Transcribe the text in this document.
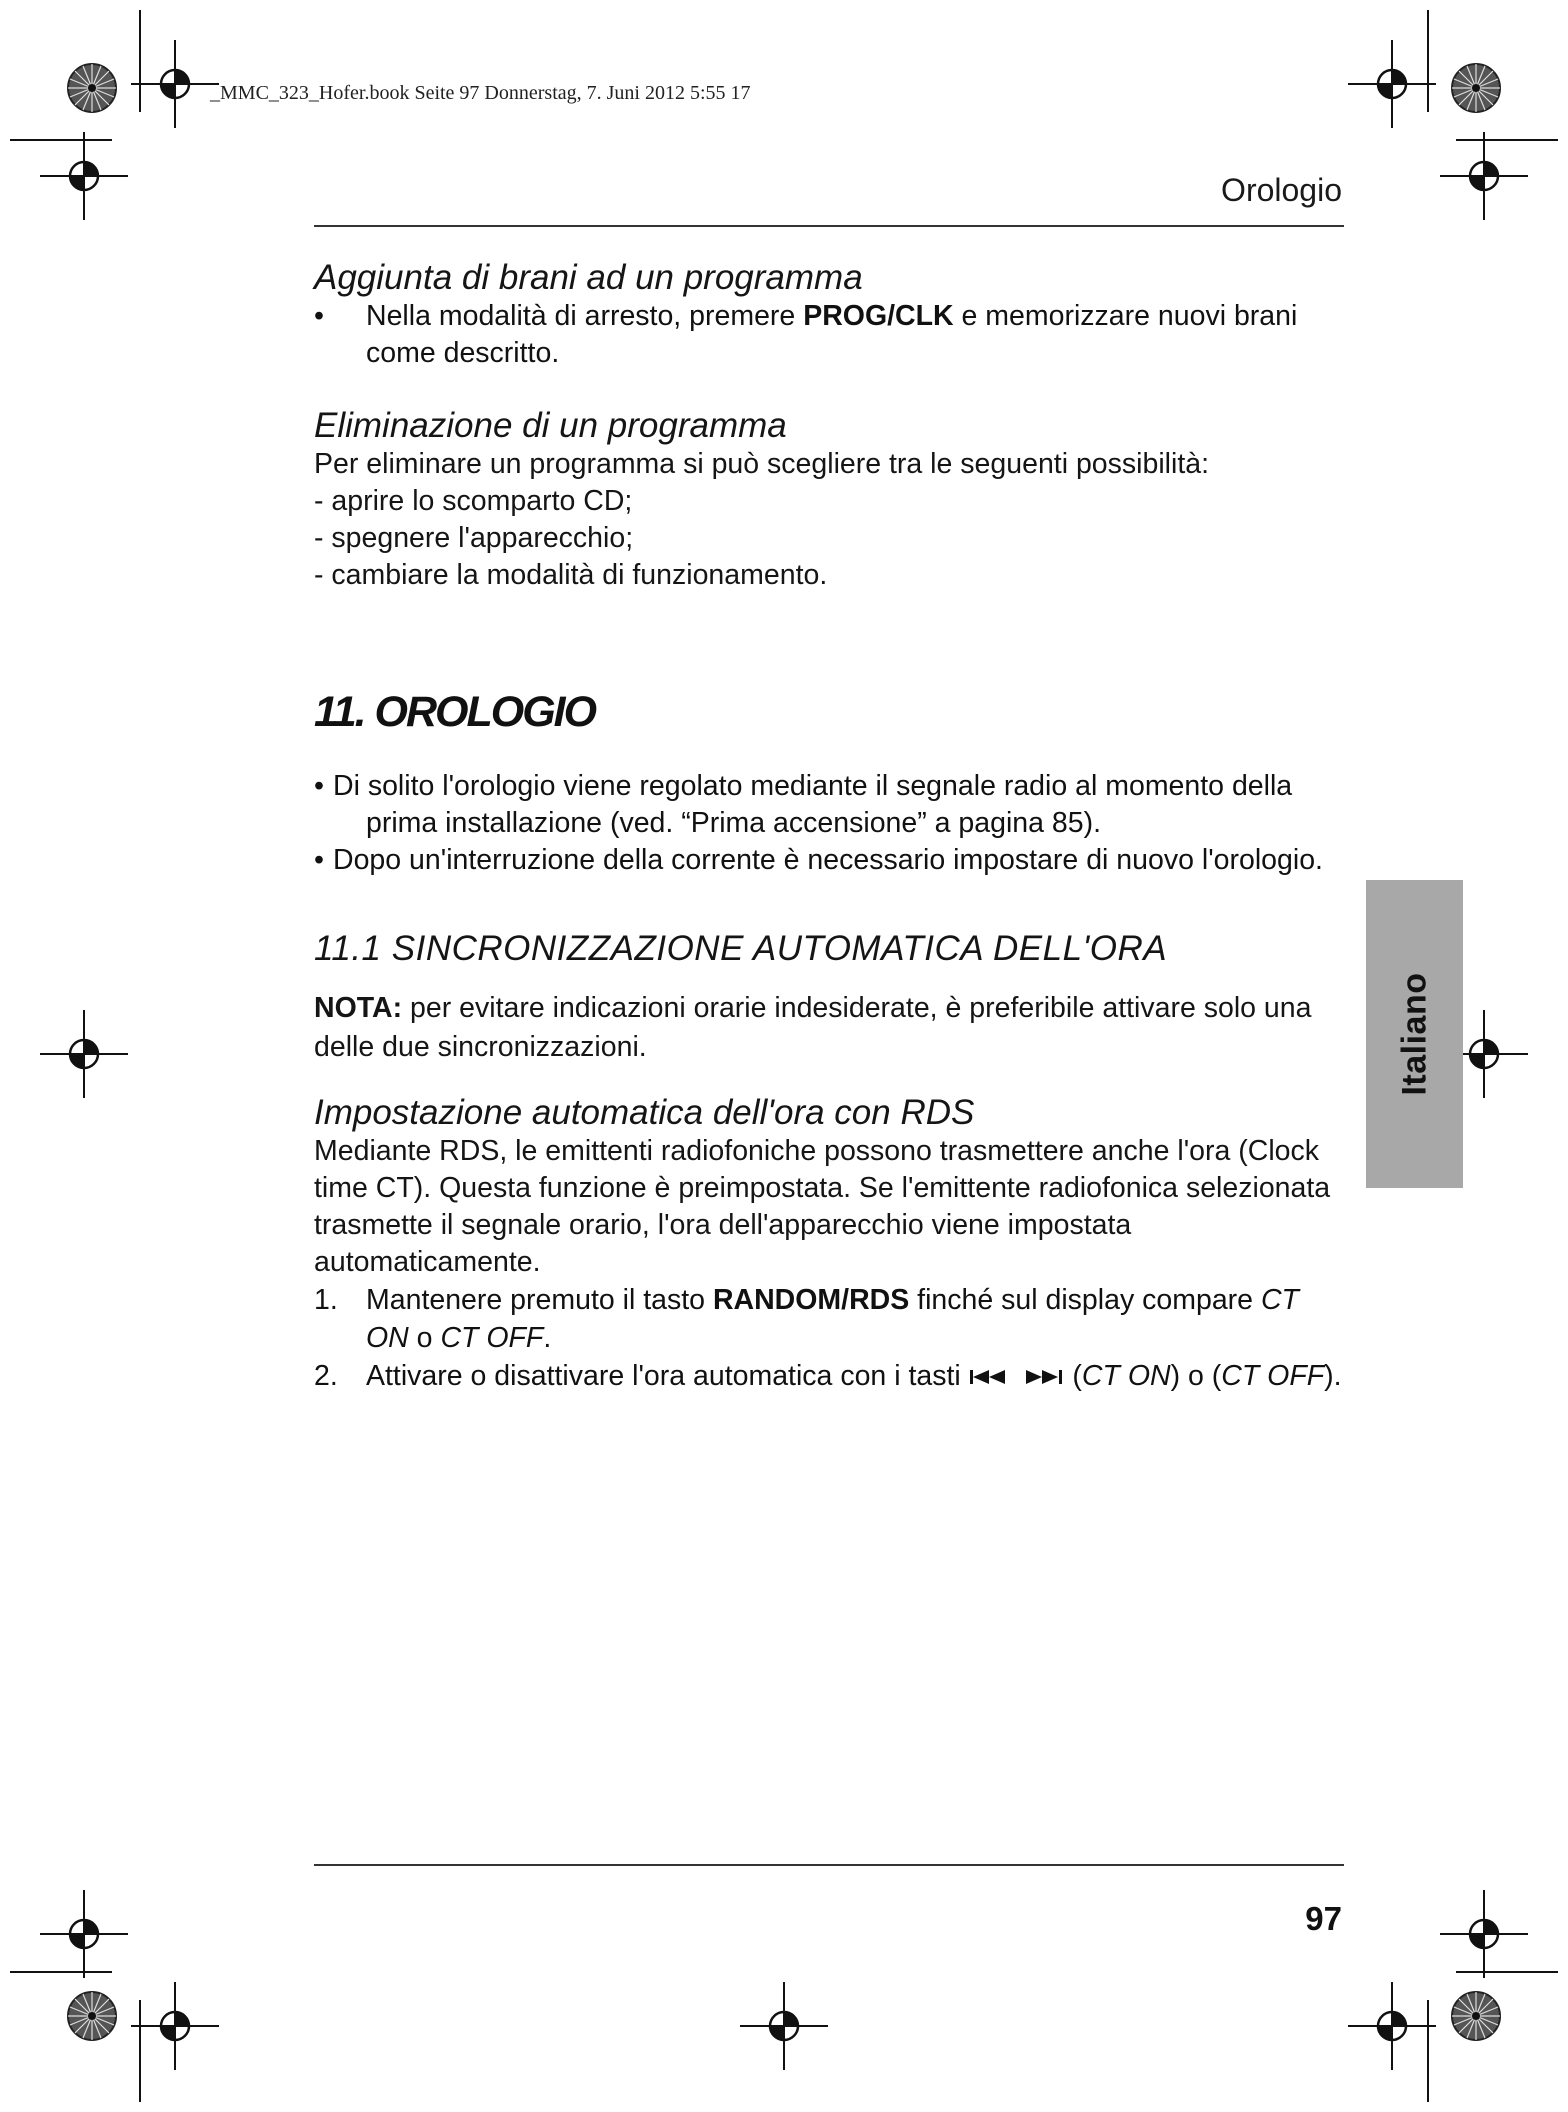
_MMC_323_Hofer.book Seite 97 Donnerstag, 7. Juni 2012 5:55 17
Orologio

Aggiunta di brani ad un programma

•	Nella modalità di arresto, premere PROG/CLK e memorizzare nuovi brani come descritto.

Eliminazione di un programma

Per eliminare un programma si può scegliere tra le seguenti possibilità:

- aprire lo scomparto CD;

- spegnere l'apparecchio;

- cambiare la modalità di funzionamento.

11. OROLOGIO

• Di solito l'orologio viene regolato mediante il segnale radio al momento della prima installazione (ved. “Prima accensione” a pagina 85).

• Dopo un'interruzione della corrente è necessario impostare di nuovo l'orologio.

11.1 SINCRONIZZAZIONE AUTOMATICA DELL'ORA

NOTA: per evitare indicazioni orarie indesiderate, è preferibile attivare solo una delle due sincronizzazioni.

Impostazione automatica dell'ora con RDS

Mediante RDS, le emittenti radiofoniche possono trasmettere anche l'ora (Clock time CT). Questa funzione è preimpostata. Se l'emittente radiofonica selezionata trasmette il segnale orario, l'ora dell'apparecchio viene impostata automaticamente.

1. Mantenere premuto il tasto RANDOM/RDS finché sul display compare CT ON o CT OFF.
2. Attivare o disattivare l'ora automatica con i tasti	(CT ON) o (CT OFF).
Italiano
97
